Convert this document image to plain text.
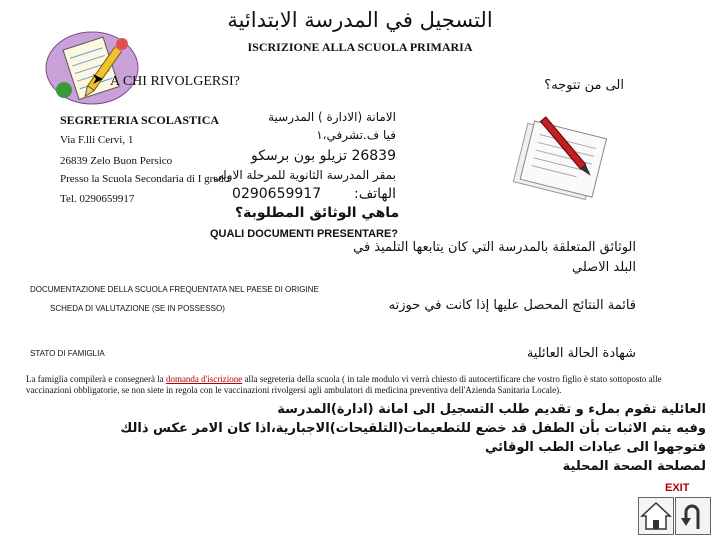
التسجيل في المدرسة الابتدائية
ISCRIZIONE ALLA SCUOLA PRIMARIA
A CHI RIVOLGERSI?	الى من تتوجه؟
SEGRETERIA SCOLASTICA
Via F.lli Cervi, 1
26839 Zelo Buon Persico
Presso la Scuola Secondaria di I grado
Tel. 0290659917
الامانة (الادارة ) المدرسية
فيا ف.تشرفي،١
26839 تزيلو بون برسكو
بمقر المدرسة الثانوية للمرحلة الاولى
الهاتف:  0290659917
ماهي الوثائق المطلوبة؟
QUALI DOCUMENTI PRESENTARE?
الوثائق المتعلقة بالمدرسة التي كان يتابعها التلميذ في البلد الاصلي
DOCUMENTAZIONE DELLA SCUOLA FREQUENTATA NEL PAESE DI ORIGINE
قائمة النتائج المحصل عليها إذا كانت في حوزته
SCHEDA DI VALUTAZIONE (SE IN POSSESSO)
شهادة الحالة العائلية
STATO DI FAMIGLIA
La famiglia compilerà e consegnerà la domanda d'iscrizione alla segreteria della scuola ( in tale modulo vi verrà chiesto di autocertificare che vostro figlio è stato sottoposto alle vaccinazioni obbligatorie, se non siete in regola con le vaccinazioni rivolgersi agli ambulatori di medicina preventiva dell'Azienda Sanitaria Locale).
العائلية تقوم بملء و تقديم طلب التسجيل الى امانة (ادارة)المدرسة
وفيه يتم الاثبات بأن الطفل قد خضع للتطعيمات(التلقيحات)الاجبارية،اذا كان الامر عكس ذالك
فتوجهوا الى عيادات الطب الوقائي
لمصلحة الصحة المحلية
EXIT
